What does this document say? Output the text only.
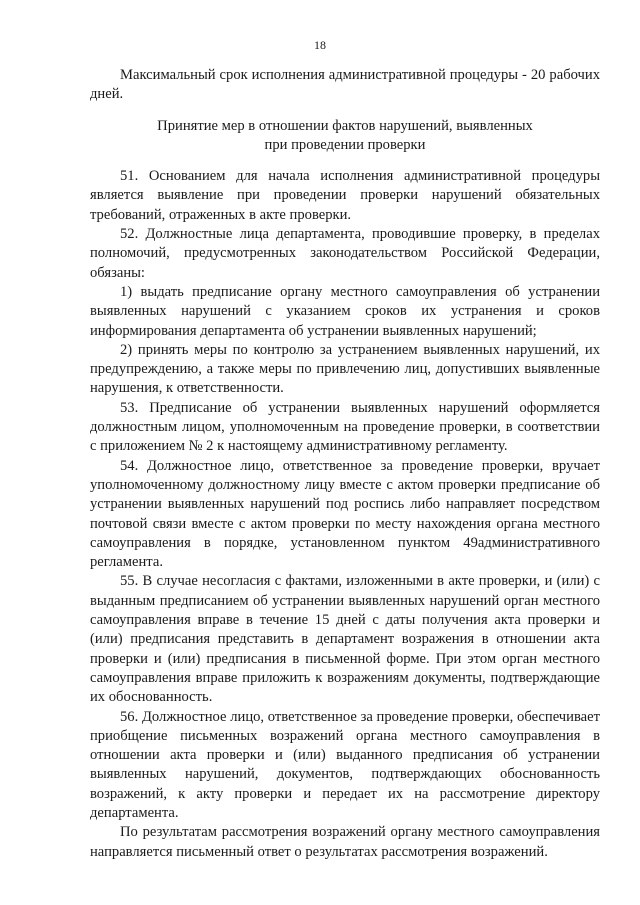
18

Максимальный срок исполнения административной процедуры - 20 рабочих дней.

Принятие мер в отношении фактов нарушений, выявленных
при проведении проверки

51. Основанием для начала исполнения административной процедуры является выявление при проведении проверки нарушений обязательных требований, отраженных в акте проверки.

52. Должностные лица департамента, проводившие проверку, в пределах полномочий, предусмотренных законодательством Российской Федерации, обязаны:

1) выдать предписание органу местного самоуправления об устранении выявленных нарушений с указанием сроков их устранения и сроков информирования департамента об устранении выявленных нарушений;

2) принять меры по контролю за устранением выявленных нарушений, их предупреждению, а также меры по привлечению лиц, допустивших выявленные нарушения, к ответственности.

53. Предписание об устранении выявленных нарушений оформляется должностным лицом, уполномоченным на проведение проверки, в соответствии с приложением № 2 к настоящему административному регламенту.

54. Должностное лицо, ответственное за проведение проверки, вручает уполномоченному должностному лицу вместе с актом проверки предписание об устранении выявленных нарушений под роспись либо направляет посредством почтовой связи вместе с актом проверки по месту нахождения органа местного самоуправления в порядке, установленном пунктом 49административного регламента.

55. В случае несогласия с фактами, изложенными в акте проверки, и (или) с выданным предписанием об устранении выявленных нарушений орган местного самоуправления вправе в течение 15 дней с даты получения акта проверки и (или) предписания представить в департамент возражения в отношении акта проверки и (или) предписания в письменной форме. При этом орган местного самоуправления вправе приложить к возражениям документы, подтверждающие их обоснованность.

56. Должностное лицо, ответственное за проведение проверки, обеспечивает приобщение письменных возражений органа местного самоуправления в отношении акта проверки и (или) выданного предписания об устранении выявленных нарушений, документов, подтверждающих обоснованность возражений, к акту проверки и передает их на рассмотрение директору департамента.

По результатам рассмотрения возражений органу местного самоуправления направляется письменный ответ о результатах рассмотрения возражений.
